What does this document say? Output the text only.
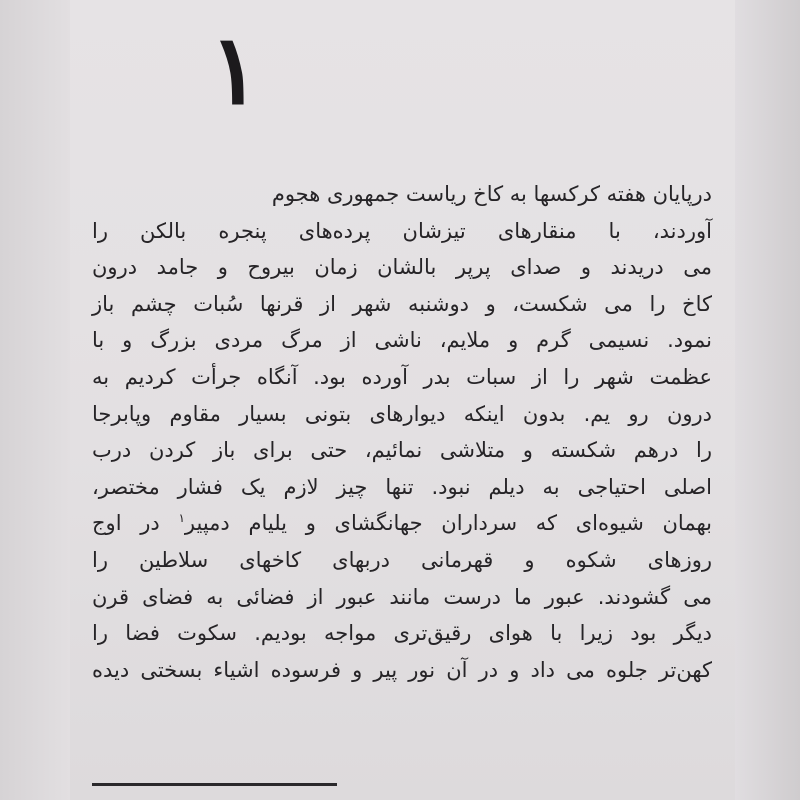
۱
درپایان هفته کرکسها به کاخ ریاست جمهوری هجوم
آوردند، با منقارهای تیزشان پرده‌های پنجره بالکن را
می دریدند و صدای پرپر بالشان زمان بیروح و جامد درون
کاخ را می شکست، و دوشنبه شهر از قرنها سُبات چشم باز
نمود. نسیمی گرم و ملایم، ناشی از مرگ مردی بزرگ و با
عظمت شهر را از سبات بدر آورده بود. آنگاه جرأت کردیم به
درون رو یم. بدون اینکه دیوارهای بتونی بسیار مقاوم وپابرجا
را درهم شکسته و متلاشی نمائیم، حتی برای باز کردن درب
اصلی احتیاجی به دیلم نبود. تنها چیز لازم یک فشار مختصر،
بهمان شیوه‌ای که سرداران جهانگشای و یلیام دمپیر$^۱$ در اوج
روزهای شکوه و قهرمانی دربهای کاخهای سلاطین را
می گشودند. عبور ما درست مانند عبور از فضائی به فضای قرن
دیگر بود زیرا با هوای رقیق‌تری مواجه بودیم. سکوت فضا را
کهن‌تر جلوه می داد و در آن نور پیر و فرسوده اشیاء بسختی دیده
